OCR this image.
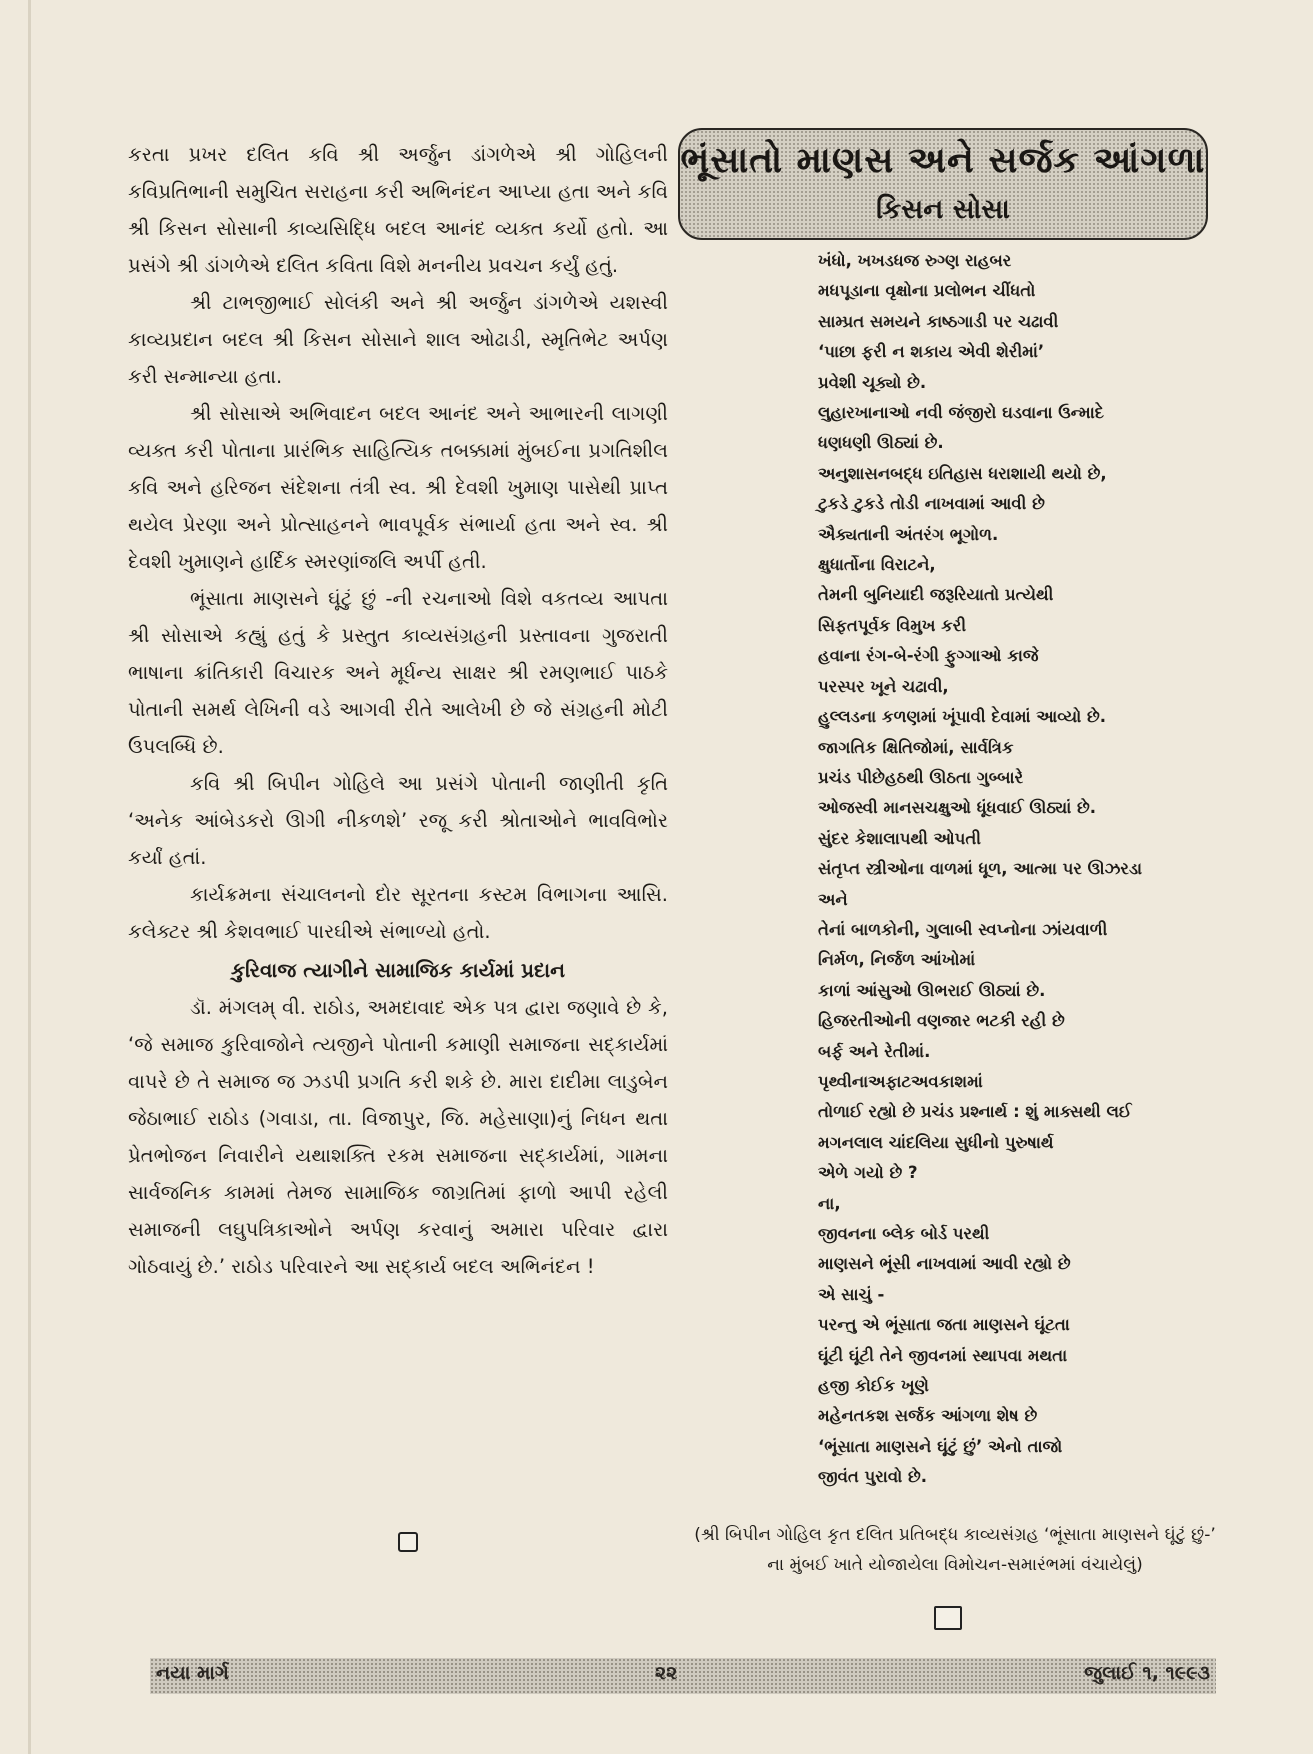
કરતા પ્રખર દલિત કવિ શ્રી અર્જુન ડાંગળેએ શ્રી ગોહિલની કવિપ્રતિભાની સમુચિત સરાહના કરી અભિનંદન આપ્યા હતા અને કવિ શ્રી કિસન સોસાની કાવ્યસિદ્ધિ બદલ આનંદ વ્યક્ત કર્યો હતો. આ પ્રસંગે શ્રી ડાંગળેએ દલિત કવિતા વિશે મનનીય પ્રવચન કર્યું હતું.

શ્રી ટાભજીભાઈ સોલંકી અને શ્રી અર્જુન ડાંગળેએ યશસ્વી કાવ્યપ્રદાન બદલ શ્રી કિસન સોસાને શાલ ઓઢાડી, સ્મૃતિભેટ અર્પણ કરી સન્માન્યા હતા.

શ્રી સોસાએ અભિવાદન બદલ આનંદ અને આભારની લાગણી વ્યક્ત કરી પોતાના પ્રારંભિક સાહિત્યિક તબક્કામાં મુંબઈના પ્રગતિશીલ કવિ અને હરિજન સંદેશના તંત્રી સ્વ. શ્રી દેવશી ખુમાણ પાસેથી પ્રાપ્ત થયેલ પ્રેરણા અને પ્રોત્સાહનને ભાવપૂર્વક સંભાર્યા હતા અને સ્વ. શ્રી દેવશી ખુમાણને હાર્દિક સ્મરણાંજલિ અર્પી હતી.

ભૂંસાતા માણસને ઘૂંટું છું -ની રચનાઓ વિશે વકતવ્ય આપતા શ્રી સોસાએ કહ્યું હતું કે પ્રસ્તુત કાવ્યસંગ્રહની પ્રસ્તાવના ગુજરાતી ભાષાના ક્રાંતિકારી વિચારક અને મૂર્ધન્ય સાક્ષર શ્રી રમણભાઈ પાઠકે પોતાની સમર્થ લેખિની વડે આગવી રીતે આલેખી છે જે સંગ્રહની મોટી ઉપલબ્ધિ છે.

કવિ શ્રી બિપીન ગોહિલે આ પ્રસંગે પોતાની જાણીતી કૃતિ ‘અનેક આંબેડકરો ઊગી નીકળશે’ રજૂ કરી શ્રોતાઓને ભાવવિભોર કર્યાં હતાં.

કાર્યક્રમના સંચાલનનો દોર સૂરતના કસ્ટમ વિભાગના આસિ. કલેક્ટર શ્રી કેશવભાઈ પારઘીએ સંભાળ્યો હતો.

કુરિવાજ ત્યાગીને સામાજિક કાર્યમાં પ્રદાન

ડૉ. મંગલમ્ વી. રાઠોડ, અમદાવાદ એક પત્ર દ્વારા જણાવે છે કે, ‘જે સમાજ કુરિવાજોને ત્યજીને પોતાની કમાણી સમાજના સદ્કાર્યમાં વાપરે છે તે સમાજ જ ઝડપી પ્રગતિ કરી શકે છે. મારા દાદીમા લાડુબેન જેઠાભાઈ રાઠોડ (ગવાડા, તા. વિજાપુર, જિ. મહેસાણા)નું નિધન થતા પ્રેતભોજન નિવારીને યથાશક્તિ રકમ સમાજના સદ્કાર્યમાં, ગામના સાર્વજનિક કામમાં તેમજ સામાજિક જાગ્રતિમાં ફાળો આપી રહેલી સમાજની લઘુપત્રિકાઓને અર્પણ કરવાનું અમારા પરિવાર દ્વારા ગોઠવાયું છે.’ રાઠોડ પરિવારને આ સદ્કાર્ય બદલ અભિનંદન !

ભૂંસાતો માણસ અને સર્જક આંગળા
કિસન સોસા
ખંધો, ખખડધજ રુગ્ણ રાહબર
મધપૂડાના વૃક્ષોના પ્રલોભન ચીંધતો
સામ્પ્રત સમયને કાષ્ઠગાડી પર ચઢાવી
‘પાછા ફરી ન શકાય એવી શેરીમાં’
પ્રવેશી ચૂક્યો છે.
લુહારખાનાઓ નવી જંજીરો ઘડવાના ઉન્માદે
ધણધણી ઊઠ્યાં છે.
અનુશાસનબદ્ધ ઇતિહાસ ધરાશાયી થયો છે,
ટુકડે ટુકડે તોડી નાખવામાં આવી છે
ઐક્યતાની અંતરંગ ભૂગોળ.
ક્ષુધાર્તોના વિરાટને,
તેમની બુનિયાદી જરૂરિયાતો પ્રત્યેથી
સિફતપૂર્વક વિમુખ કરી
હવાના રંગ-બે-રંગી ફુગ્ગાઓ કાજે
પરસ્પર ખૂને ચઢાવી,
હુલ્લડના કળણમાં ખૂંપાવી દેવામાં આવ્યો છે.
જાગતિક ક્ષિતિજોમાં, સાર્વત્રિક
પ્રચંડ પીછેહઠથી ઊઠતા ગુબ્બારે
ઓજસ્વી માનસચક્ષુઓ ધૂંધવાઈ ઊઠ્યાં છે.
સુંદર કેશાલાપથી ઓપતી
સંતૃપ્ત સ્ત્રીઓના વાળમાં ધૂળ, આત્મા પર ઊઝરડા
અને
તેનાં બાળકોની, ગુલાબી સ્વપ્નોના ઝાંયવાળી
નિર્મળ, નિર્જળ આંખોમાં
કાળાં આંસુઓ ઊભરાઈ ઊઠ્યાં છે.
હિજરતીઓની વણજાર ભટકી રહી છે
બર્ફ અને રેતીમાં.
પૃથ્વીનાઅફાટઅવકાશમાં
તોળાઈ રહ્યો છે પ્રચંડ પ્રશ્નાર્થ : શું માક્સથી લઈ
મગનલાલ ચાંદલિયા સુધીનો પુરુષાર્થ
એળે ગયો છે ?
ના,
જીવનના બ્લેક બોર્ડ પરથી
માણસને ભૂંસી નાખવામાં આવી રહ્યો છે
એ સાચું -
પરન્તુ એ ભૂંસાતા જતા માણસને ઘૂંટતા
ઘૂંટી ઘૂંટી તેને જીવનમાં સ્થાપવા મથતા
હજી કોઈક ખૂણે
મહેનતકશ સર્જક આંગળા શેષ છે
‘ભૂંસાતા માણસને ઘૂંટું છું’ એનો તાજો
જીવંત પુરાવો છે.
(શ્રી બિપીન ગોહિલ કૃત દલિત પ્રતિબદ્ધ કાવ્યસંગ્રહ ‘ભૂંસાતા માણસને ઘૂંટું છું-’ ના મુંબઈ ખાતે યોજાયેલા વિમોચન-સમારંભમાં વંચાયેલું)
નયા માર્ગ	૨૨	જુલાઈ ૧, ૧૯૯૩
